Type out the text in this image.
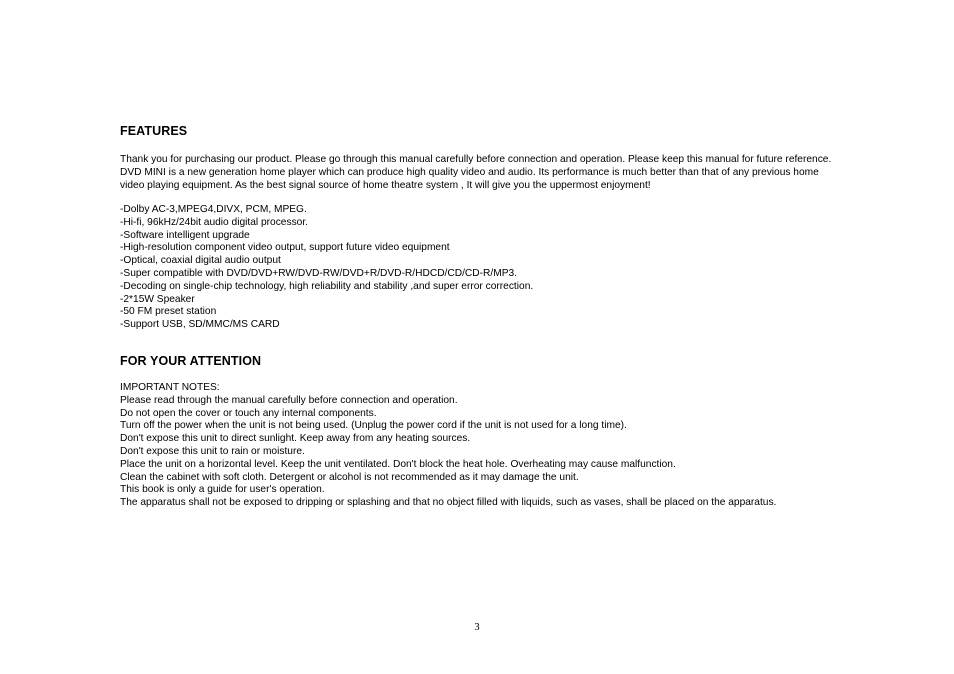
FEATURES

Thank you for purchasing our product. Please go through this manual carefully before connection and operation. Please keep this manual for future reference.    DVD MINI is a new generation home player which can produce high quality video and audio. Its performance is much better than that of any previous home video playing equipment. As the best signal source of home theatre system , It will give you the uppermost enjoyment!

-Dolby AC-3,MPEG4,DIVX, PCM, MPEG.
-Hi-fi, 96kHz/24bit audio digital processor.
-Software intelligent upgrade
-High-resolution component video output, support future video equipment
-Optical, coaxial digital audio output
-Super compatible with DVD/DVD+RW/DVD-RW/DVD+R/DVD-R/HDCD/CD/CD-R/MP3.
-Decoding on single-chip technology, high reliability and stability ,and super error correction.
-2*15W Speaker
-50 FM preset station
-Support USB, SD/MMC/MS CARD
FOR YOUR ATTENTION
IMPORTANT NOTES:
Please read through the manual carefully before connection and operation.
Do not open the cover or touch any internal components.
Turn off the power when the unit is not being used. (Unplug the power cord if the unit is not used for a long time).
Don't expose this unit to direct sunlight. Keep away from any heating sources.
Don't expose this unit to rain or moisture.
Place the unit on a horizontal level. Keep the unit ventilated. Don't block the heat hole. Overheating may cause malfunction.
Clean the cabinet with soft cloth. Detergent or alcohol is not recommended as it may damage the unit.
This book is only a guide for user's operation.
The apparatus shall not be exposed to dripping or splashing and that no object filled with liquids, such as vases, shall be placed on the apparatus.
3
